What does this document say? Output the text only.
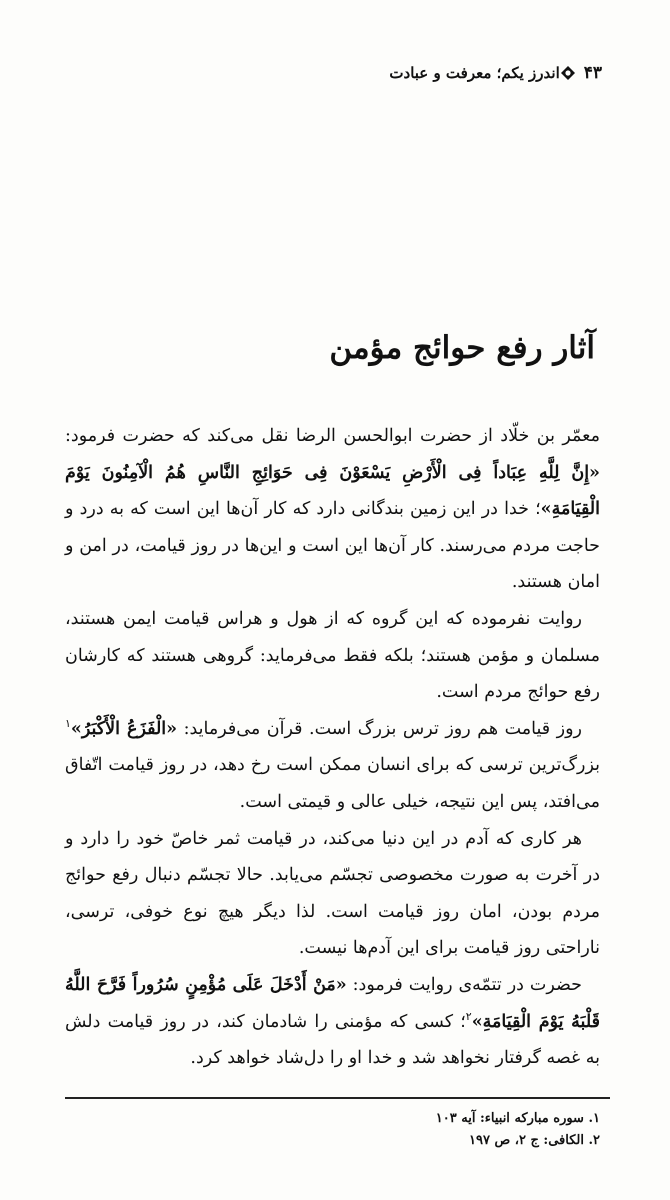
اندرز یکم؛ معرفت و عبادت ۴۳
آثار رفع حوائج مؤمن

معمّر بن خلّاد از حضرت ابوالحسن الرضا نقل می‌کند که حضرت فرمود: «إِنَّ لِلَّهِ عِبَاداً فِی الْأَرْضِ یَسْعَوْنَ فِی حَوَائِجِ النَّاسِ هُمُ الْآمِنُونَ یَوْمَ الْقِیَامَةِ»؛ خدا در این زمین بندگانی دارد که کار آن‌ها این است که به درد و حاجت مردم می‌رسند. کار آن‌ها این است و این‌ها در روز قیامت، در امن و امان هستند.

روایت نفرموده که این گروه که از هول و هراس قیامت ایمن هستند، مسلمان و مؤمن هستند؛ بلکه فقط می‌فرماید: گروهی هستند که کارشان رفع حوائج مردم است.

روز قیامت هم روز ترس بزرگ است. قرآن می‌فرماید: «الْفَزَعُ الْأَکْبَرُ»$^۱$ بزرگ‌ترین ترسی که برای انسان ممکن است رخ دهد، در روز قیامت اتّفاق می‌افتد، پس این نتیجه، خیلی عالی و قیمتی است.

هر کاری که آدم در این دنیا می‌کند، در قیامت ثمر خاصّ خود را دارد و در آخرت به صورت مخصوصی تجسّم می‌یابد. حالا تجسّم دنبال رفع حوائج مردم بودن، امان روز قیامت است. لذا دیگر هیچ نوع خوفی، ترسی، ناراحتی روز قیامت برای این آدم‌ها نیست.

حضرت در تتمّه‌ی روایت فرمود: «مَنْ أَدْخَلَ عَلَی مُؤْمِنٍ سُرُوراً فَرَّحَ اللَّهُ قَلْبَهُ یَوْمَ الْقِیَامَةِ»$^۲$؛ کسی که مؤمنی را شادمان کند، در روز قیامت دلش به غصه گرفتار نخواهد شد و خدا او را دل‌شاد خواهد کرد.

۱. سوره مبارکه انبیاء: آیه ۱۰۳
۲. الکافی: ج ۲، ص ۱۹۷
